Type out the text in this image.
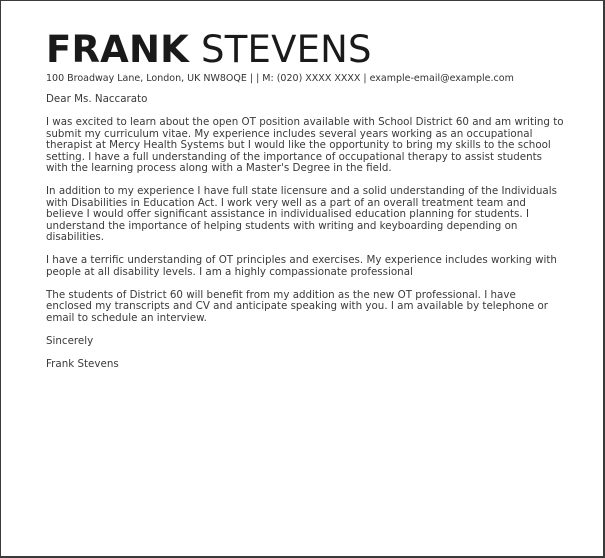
FRANK STEVENS

100 Broadway Lane, London, UK NW8OQE | | M: (020) XXXX XXXX | example-email@example.com

Dear Ms. Naccarato

I was excited to learn about the open OT position available with School District 60 and am writing to submit my curriculum vitae. My experience includes several years working as an occupational therapist at Mercy Health Systems but I would like the opportunity to bring my skills to the school setting. I have a full understanding of the importance of occupational therapy to assist students with the learning process along with a Master's Degree in the field.

In addition to my experience I have full state licensure and a solid understanding of the Individuals with Disabilities in Education Act. I work very well as a part of an overall treatment team and believe I would offer significant assistance in individualised education planning for students. I understand the importance of helping students with writing and keyboarding depending on disabilities.

I have a terrific understanding of OT principles and exercises. My experience includes working with people at all disability levels. I am a highly compassionate professional

The students of District 60 will benefit from my addition as the new OT professional. I have enclosed my transcripts and CV and anticipate speaking with you. I am available by telephone or email to schedule an interview.

Sincerely

Frank Stevens
